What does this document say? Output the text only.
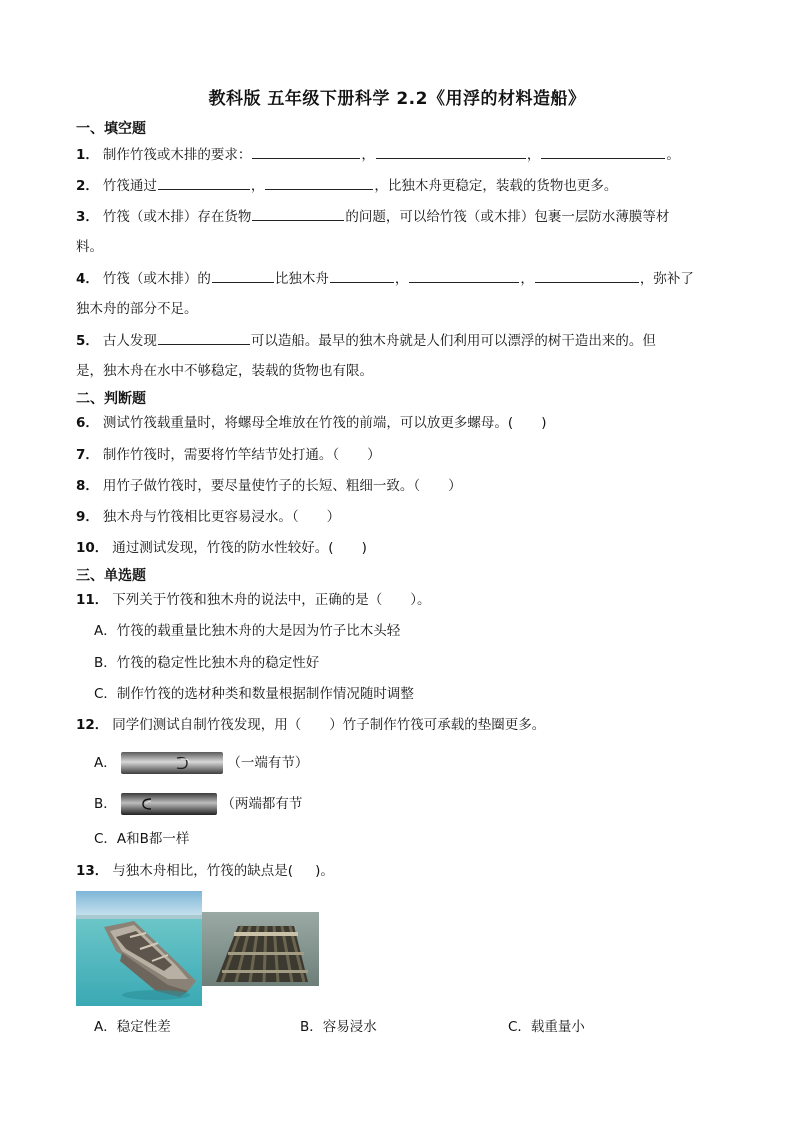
教科版 五年级下册科学 2.2《用浮的材料造船》
一、填空题
1． 制作竹筏或木排的要求：	，	，	。
2． 竹筏通过	，	，比独木舟更稳定，装载的货物也更多。
3． 竹筏（或木排）存在货物	的问题，可以给竹筏（或木排）包裹一层防水薄膜等材
料。
4． 竹筏（或木排）的	比独木舟	，	，	，弥补了
独木舟的部分不足。
5． 古人发现	可以造船。最早的独木舟就是人们利用可以漂浮的树干造出来的。但
是，独木舟在水中不够稳定，装载的货物也有限。
二、判断题
6． 测试竹筏载重量时，将螺母全堆放在竹筏的前端，可以放更多螺母。( )
7． 制作竹筏时，需要将竹竿结节处打通。（ ）
8． 用竹子做竹筏时，要尽量使竹子的长短、粗细一致。（ ）
9． 独木舟与竹筏相比更容易浸水。（ ）
10． 通过测试发现，竹筏的防水性较好。( )
三、单选题
11． 下列关于竹筏和独木舟的说法中，正确的是（ ）。
A．竹筏的载重量比独木舟的大是因为竹子比木头轻
B．竹筏的稳定性比独木舟的稳定性好
C．制作竹筏的选材种类和数量根据制作情况随时调整
12． 同学们测试自制竹筏发现，用（ ）竹子制作竹筏可承载的垫圈更多。
A．	（一端有节）
B．	（两端都有节
C．A和B都一样
13． 与独木舟相比，竹筏的缺点是( )。
A．稳定性差	B．容易浸水	C．载重量小
